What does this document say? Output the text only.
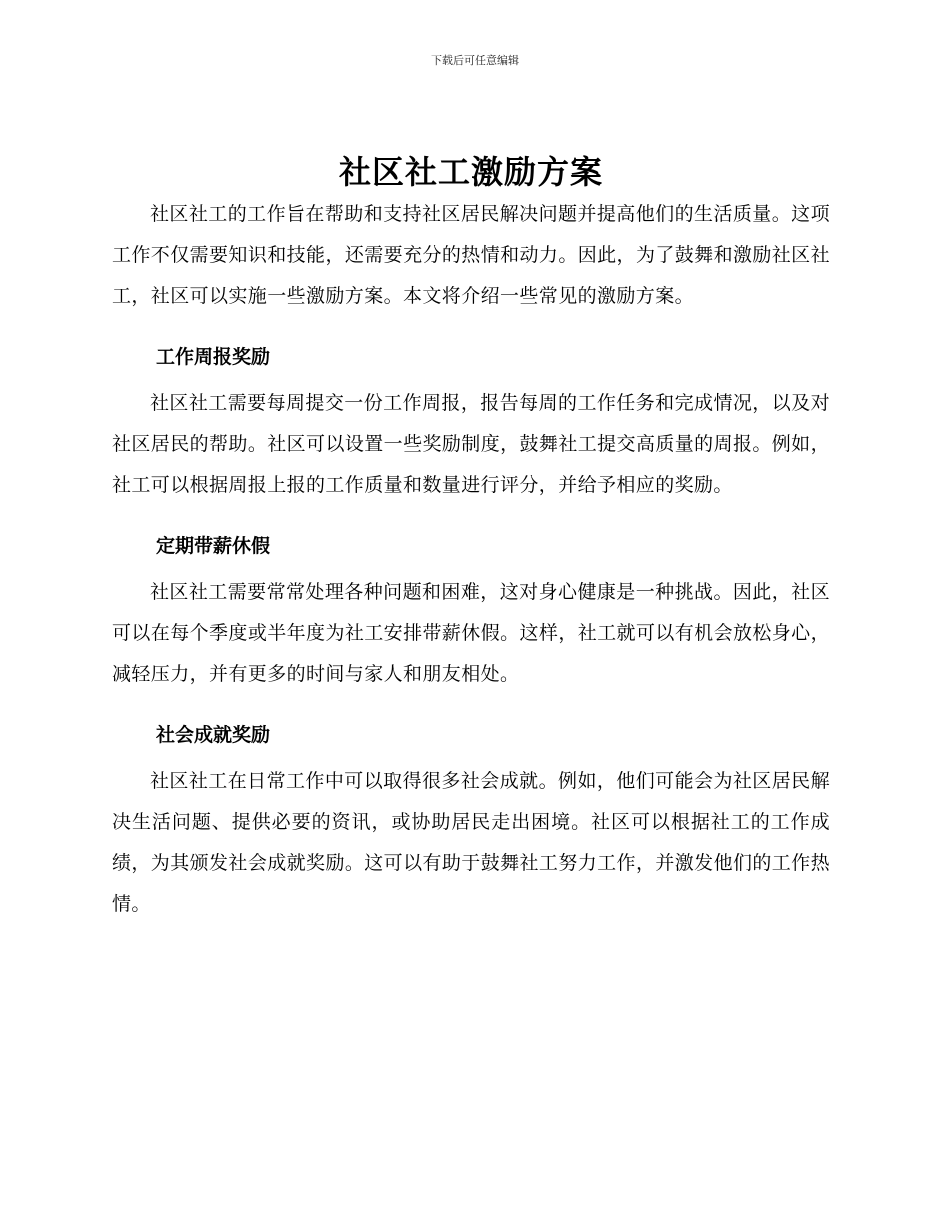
下载后可任意编辑
社区社工激励方案

社区社工的工作旨在帮助和支持社区居民解决问题并提高他们的生活质量。这项工作不仅需要知识和技能，还需要充分的热情和动力。因此，为了鼓舞和激励社区社工，社区可以实施一些激励方案。本文将介绍一些常见的激励方案。

工作周报奖励

社区社工需要每周提交一份工作周报，报告每周的工作任务和完成情况，以及对社区居民的帮助。社区可以设置一些奖励制度，鼓舞社工提交高质量的周报。例如，社工可以根据周报上报的工作质量和数量进行评分，并给予相应的奖励。

定期带薪休假

社区社工需要常常处理各种问题和困难，这对身心健康是一种挑战。因此，社区可以在每个季度或半年度为社工安排带薪休假。这样，社工就可以有机会放松身心，减轻压力，并有更多的时间与家人和朋友相处。

社会成就奖励

社区社工在日常工作中可以取得很多社会成就。例如，他们可能会为社区居民解决生活问题、提供必要的资讯，或协助居民走出困境。社区可以根据社工的工作成绩，为其颁发社会成就奖励。这可以有助于鼓舞社工努力工作，并激发他们的工作热情。
